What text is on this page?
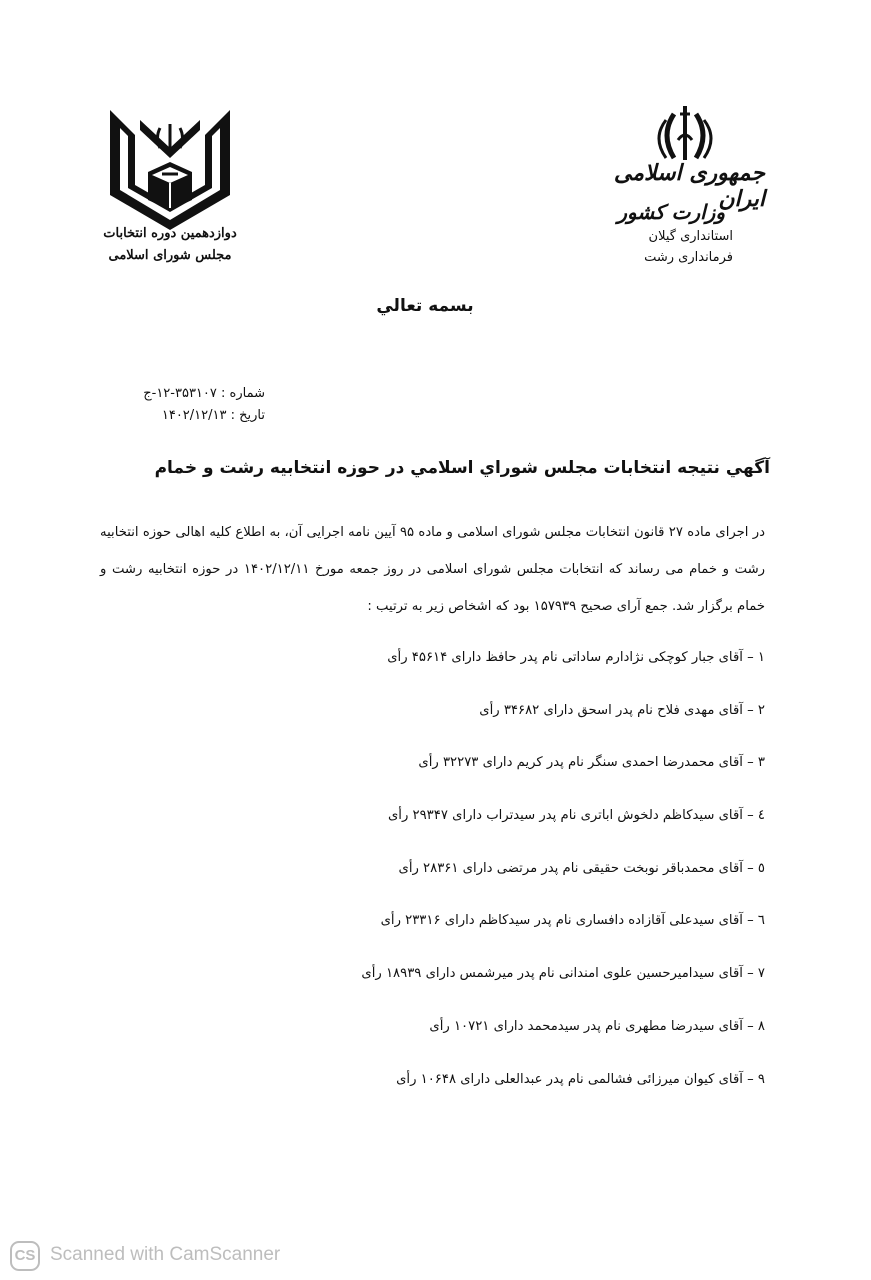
دوازدهمین دوره انتخابات
مجلس شورای اسلامی
جمهوری اسلامی ایران
وزارت کشور
استانداری گیلان
فرمانداری رشت
بسمه تعالي
شماره : ۳۵۳۱۰۷-۱۲-ج
تاریخ : ۱۴۰۲/۱۲/۱۳
آگهي نتيجه انتخابات مجلس شوراي اسلامي در حوزه انتخابيه رشت و خمام
در اجرای ماده ۲۷ قانون انتخابات مجلس شورای اسلامی و ماده ۹۵ آیین نامه اجرایی آن، به اطلاع کلیه اهالی حوزه انتخابیه رشت و خمام می رساند که انتخابات مجلس شورای اسلامی در روز جمعه مورخ ۱۴۰۲/۱۲/۱۱ در حوزه انتخابیه رشت و خمام برگزار شد. جمع آرای صحیح ۱۵۷۹۳۹ بود که اشخاص زیر به ترتیب :
۱ – آقای جبار کوچکی نژادارم ساداتی نام پدر حافظ دارای ۴۵۶۱۴ رأی
۲ – آقای مهدی فلاح نام پدر اسحق دارای ۳۴۶۸۲ رأی
۳ – آقای محمدرضا احمدی سنگر نام پدر کریم دارای ۳۲۲۷۳ رأی
٤ – آقای سیدکاظم دلخوش اباتری نام پدر سیدتراب دارای ۲۹۳۴۷ رأی
٥ – آقای محمدباقر نوبخت حقیقی نام پدر مرتضی دارای ۲۸۳۶۱ رأی
٦ – آقای سیدعلی آقازاده دافساری نام پدر سیدکاظم دارای ۲۳۳۱۶ رأی
۷ – آقای سیدامیرحسین علوی امندانی نام پدر میرشمس دارای ۱۸۹۳۹ رأی
۸ – آقای سیدرضا مطهری نام پدر سیدمحمد دارای ۱۰۷۲۱ رأی
۹ – آقای کیوان میرزائی فشالمی نام پدر عبدالعلی دارای ۱۰۶۴۸ رأی
CS Scanned with CamScanner
